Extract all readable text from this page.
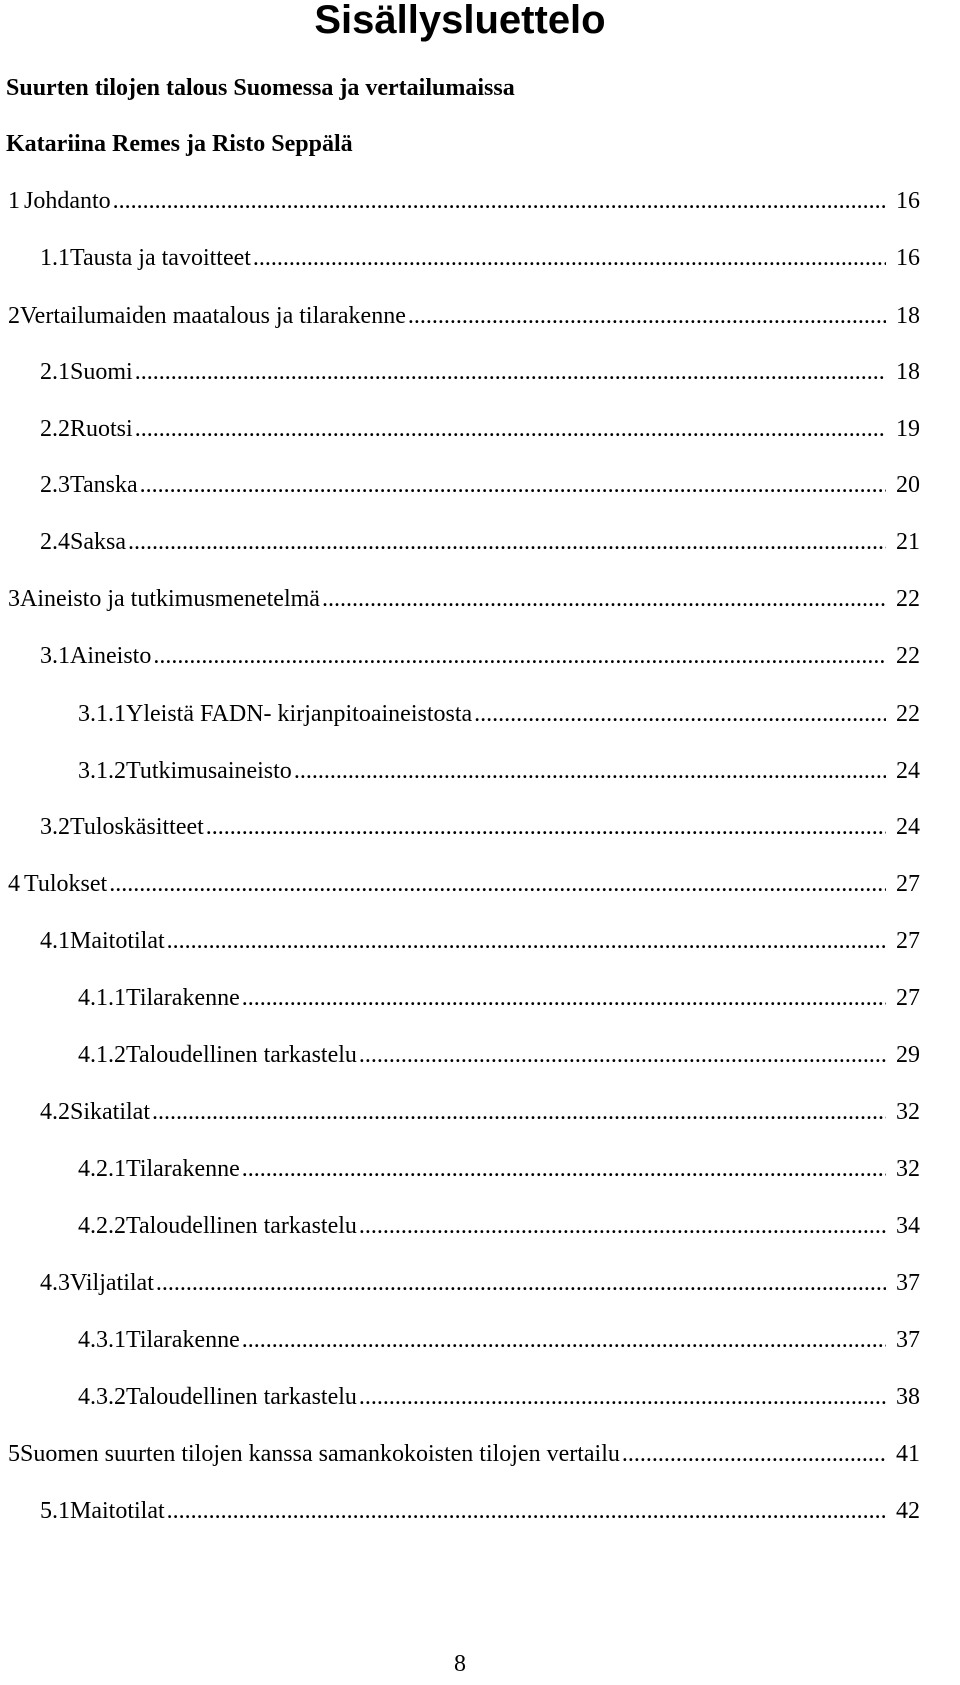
Sisällysluettelo
Suurten tilojen talous Suomessa ja vertailumaissa
Katariina Remes ja Risto Seppälä
1 Johdanto .....	16
1.1 Tausta ja tavoitteet .....	16
2 Vertailumaiden maatalous ja tilarakenne .....	18
2.1 Suomi .....	18
2.2 Ruotsi .....	19
2.3 Tanska .....	20
2.4 Saksa .....	21
3 Aineisto ja tutkimusmenetelmä .....	22
3.1 Aineisto .....	22
3.1.1 Yleistä FADN- kirjanpitoaineistosta .....	22
3.1.2 Tutkimusaineisto .....	24
3.2 Tuloskäsitteet .....	24
4 Tulokset .....	27
4.1 Maitotilat .....	27
4.1.1 Tilarakenne .....	27
4.1.2 Taloudellinen tarkastelu .....	29
4.2 Sikatilat .....	32
4.2.1 Tilarakenne .....	32
4.2.2 Taloudellinen tarkastelu .....	34
4.3 Viljatilat .....	37
4.3.1 Tilarakenne .....	37
4.3.2 Taloudellinen tarkastelu .....	38
5 Suomen suurten tilojen kanssa samankokoisten tilojen vertailu .....	41
5.1 Maitotilat .....	42
8
